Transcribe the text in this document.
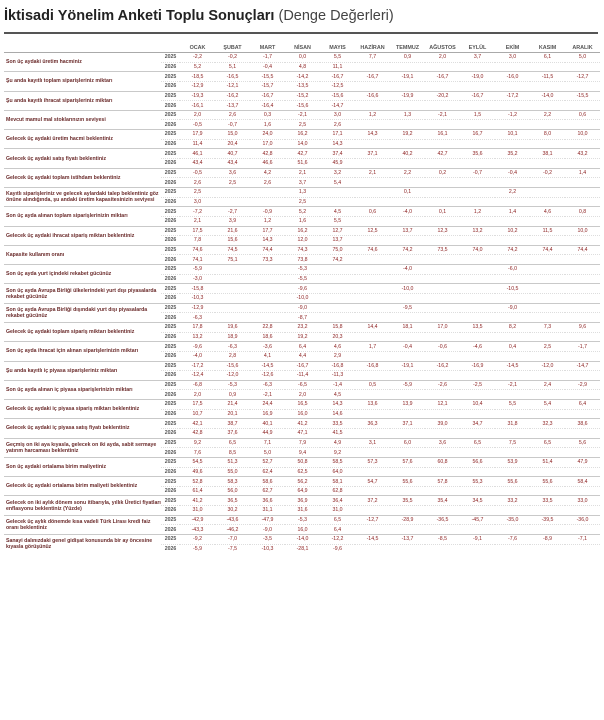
İktisadi Yönelim Anketi Toplu Sonuçları (Denge Değerleri)
		OCAK	ŞUBAT	MART	NİSAN	MAYIS	HAZİRAN	TEMMUZ	AĞUSTOS	EYLÜL	EKİM	KASIM	ARALIK
Son üç aydaki üretim hacminiz	2025	-2,2	-0,2	-1,7	0,0	5,5	7,7	0,9	2,0	3,7	3,0	6,1	5,0
	2026	5,2	5,1	-0,4	4,8	11,1							
Şu anda kayıtlı toplam siparişleriniz miktarı	2025	-18,5	-16,5	-15,5	-14,2	-16,7	-16,7	-19,1	-16,7	-19,0	-16,0	-11,5	-12,7
	2026	-12,9	-12,1	-15,7	-13,5	-12,5							
Şu anda kayıtlı ihracat siparişleriniz miktarı	2025	-19,3	-16,2	-16,7	-15,2	-15,6	-16,6	-19,9	-20,2	-16,7	-17,2	-14,0	-15,5
	2026	-16,1	-13,7	-16,4	-15,6	-14,7							
Mevcut mamul mal stoklarınızın seviyesi	2025	2,0	2,6	0,3	-2,1	3,0	1,2	1,3	-2,1	1,5	-1,2	2,2	0,6
	2026	-0,5	-0,7	1,6	2,5	2,6							
Gelecek üç aydaki üretim hacmi beklentiniz	2025	17,9	15,0	24,0	16,2	17,1	14,3	19,2	16,1	16,7	10,1	8,0	10,0
	2026	11,4	20,4	17,0	14,0	14,3							
Gelecek üç aydaki satış fiyatı beklentiniz	2025	46,1	40,7	42,8	42,7	37,4	37,1	40,2	42,7	35,6	35,2	38,1	43,2
	2026	43,4	43,4	46,6	51,6	45,9							
Gelecek üç aydaki toplam istihdam beklentiniz	2025	-0,5	3,6	4,2	2,1	3,2	2,1	2,2	0,2	-0,7	-0,4	-0,2	1,4
	2026	2,6	2,5	2,6	3,7	5,4							
Kayıtlı siparişleriniz ve gelecek aylardaki talep beklentiniz göz önüne alındığında, şu andaki üretim kapasitesinizin seviyesi	2025	2,5			1,3			0,1			2,2		
	2026	3,0			2,5								
Son üç ayda alınan toplam siparişlerinizin miktarı	2025	-7,2	-2,7	-0,9	5,2	4,5	0,6	-4,0	0,1	1,2	1,4	4,6	0,8
	2026	2,1	3,9	1,2	1,6	5,5							
Gelecek üç aydaki ihracat sipariş miktarı beklentiniz	2025	17,5	21,6	17,7	16,2	12,7	12,5	13,7	12,3	13,2	10,2	11,5	10,0
	2026	7,8	15,6	14,3	12,0	13,7							
Kapasite kullanım oranı	2025	74,6	74,5	74,4	74,3	75,0	74,6	74,2	73,5	74,0	74,2	74,4	74,4
	2026	74,1	75,1	73,3	73,8	74,2							
Son üç ayda yurt içindeki rekabet gücünüz	2025	-5,9			-5,3			-4,0			-6,0		
	2026	-3,0			-5,5								
Son üç ayda Avrupa Birliği ülkelerindeki yurt dışı piyasalarda rekabet gücünüz	2025	-15,8			-9,6			-10,0			-10,5		
	2026	-10,3			-10,0								
Son üç ayda Avrupa Birliği dışındaki yurt dışı piyasalarda rekabet gücünüz	2025	-12,9			-9,0			-9,5			-9,0		
	2026	-6,3			-8,7								
Gelecek üç aydaki toplam sipariş miktarı beklentiniz	2025	17,8	19,6	22,8	23,2	15,8	14,4	18,1	17,0	13,5	8,2	7,3	9,6
	2026	13,2	18,9	18,6	19,2	20,3							
Son üç ayda ihracat için alınan siparişlerinizin miktarı	2025	-9,6	-6,3	-3,6	6,4	4,6	1,7	-0,4	-0,6	-4,6	0,4	2,5	-1,7
	2026	-4,0	2,8	4,1	4,4	2,9							
Şu anda kayıtlı iç piyasa siparişleriniz miktarı	2025	-17,2	-15,6	-14,5	-16,7	-16,8	-16,8	-19,1	-16,2	-16,9	-14,5	-12,0	-14,7
	2026	-12,4	-12,0	-12,6	-11,4	-11,3							
Son üç ayda alınan iç piyasa siparişlerinizin miktarı	2025	-6,8	-5,3	-6,3	-6,5	-1,4	0,5	-5,9	-2,6	-2,5	-2,1	2,4	-2,9
	2026	2,0	0,9	-2,1	2,0	4,5							
Gelecek üç aydaki iç piyasa sipariş miktarı beklentiniz	2025	17,5	21,4	24,4	16,5	14,3	13,6	13,9	12,1	10,4	5,5	5,4	6,4
	2026	10,7	20,1	16,9	16,0	14,6							
Gelecek üç aydaki iç piyasa satış fiyatı beklentiniz	2025	42,1	38,7	40,1	41,2	33,5	36,3	37,1	39,0	34,7	31,8	32,3	38,6
	2026	42,8	37,6	44,9	47,1	41,5							
Geçmiş on iki aya kıyasla, gelecek on iki ayda, sabit sermaye yatırım harcaması beklentiniz	2025	9,2	6,5	7,1	7,9	4,9	3,1	6,0	3,6	6,5	7,5	6,5	5,6
	2026	7,6	8,5	5,0	9,4	9,2							
Son üç aydaki ortalama birim maliyetiniz	2025	54,5	51,3	52,7	50,8	58,5	57,3	57,6	60,8	56,6	53,9	51,4	47,9
	2026	49,6	55,0	62,4	62,5	64,0							
Gelecek üç aydaki ortalama birim maliyeti beklentiniz	2025	52,8	58,3	58,6	56,2	58,1	54,7	55,6	57,8	55,3	55,6	55,6	58,4
	2026	61,4	56,0	62,7	64,9	62,8							
Gelecek on iki aylık dönem sonu itibarıyla, yıllık Üretici fiyatları enflasyonu beklentiniz (Yüzde)	2025	41,2	36,5	36,6	36,9	36,4	37,2	35,5	35,4	34,5	33,2	33,5	33,0
	2026	31,0	30,2	31,1	31,6	31,0							
Gelecek üç aylık dönemde kısa vadeli Türk Lirası kredi faiz oranı beklentiniz	2025	-42,9	-43,6	-47,9	-5,3	6,5	-12,7	-28,9	-36,5	-45,7	-35,0	-39,5	-36,0
	2026	-43,3	-46,2	-9,0	16,0	6,4							
Sanayi dalınızdaki genel gidişat konusunda bir ay öncesine kıyasla görüşünüz	2025	-9,2	-7,0	-3,5	-14,0	-12,2	-14,5	-13,7	-8,5	-9,1	-7,6	-8,9	-7,1
	2026	-5,9	-7,5	-10,3	-28,1	-9,6							
